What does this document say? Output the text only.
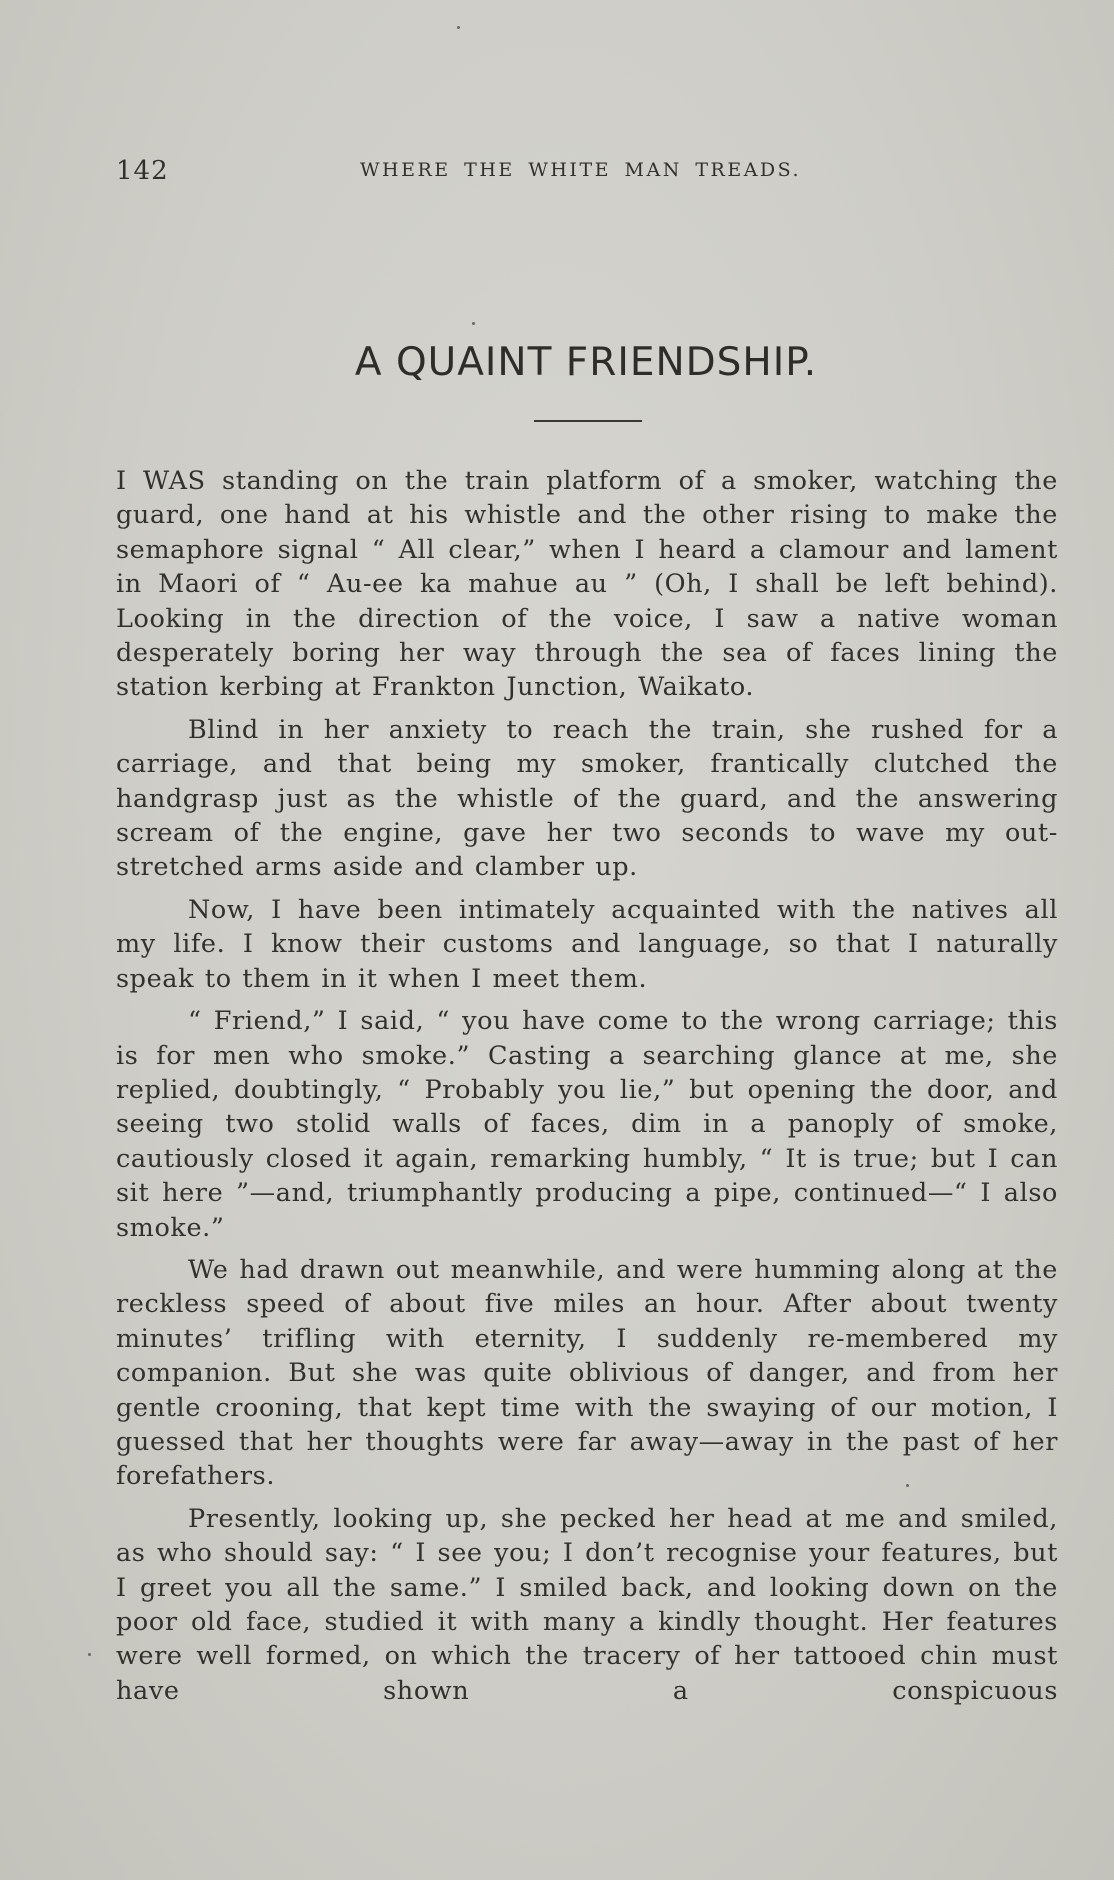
142	WHERE THE WHITE MAN TREADS.
A QUAINT FRIENDSHIP.

I WAS standing on the train platform of a smoker, watching the guard, one hand at his whistle and the other rising to make the semaphore signal “ All clear,” when I heard a clamour and lament in Maori of “ Au-ee ka mahue au ” (Oh, I shall be left behind). Looking in the direction of the voice, I saw a native woman desperately boring her way through the sea of faces lining the station kerbing at Frankton Junction, Waikato.

Blind in her anxiety to reach the train, she rushed for a carriage, and that being my smoker, frantically clutched the handgrasp just as the whistle of the guard, and the answering scream of the engine, gave her two seconds to wave my out-stretched arms aside and clamber up.

Now, I have been intimately acquainted with the natives all my life. I know their customs and language, so that I naturally speak to them in it when I meet them.

“ Friend,” I said, “ you have come to the wrong carriage; this is for men who smoke.” Casting a searching glance at me, she replied, doubtingly, “ Probably you lie,” but opening the door, and seeing two stolid walls of faces, dim in a panoply of smoke, cautiously closed it again, remarking humbly, “ It is true; but I can sit here ”—and, triumphantly producing a pipe, continued—“ I also smoke.”

We had drawn out meanwhile, and were humming along at the reckless speed of about five miles an hour. After about twenty minutes’ trifling with eternity, I suddenly re-membered my companion. But she was quite oblivious of danger, and from her gentle crooning, that kept time with the swaying of our motion, I guessed that her thoughts were far away—away in the past of her forefathers.

Presently, looking up, she pecked her head at me and smiled, as who should say: “ I see you; I don’t recognise your features, but I greet you all the same.” I smiled back, and looking down on the poor old face, studied it with many a kindly thought. Her features were well formed, on which the tracery of her tattooed chin must have shown a conspicuous
